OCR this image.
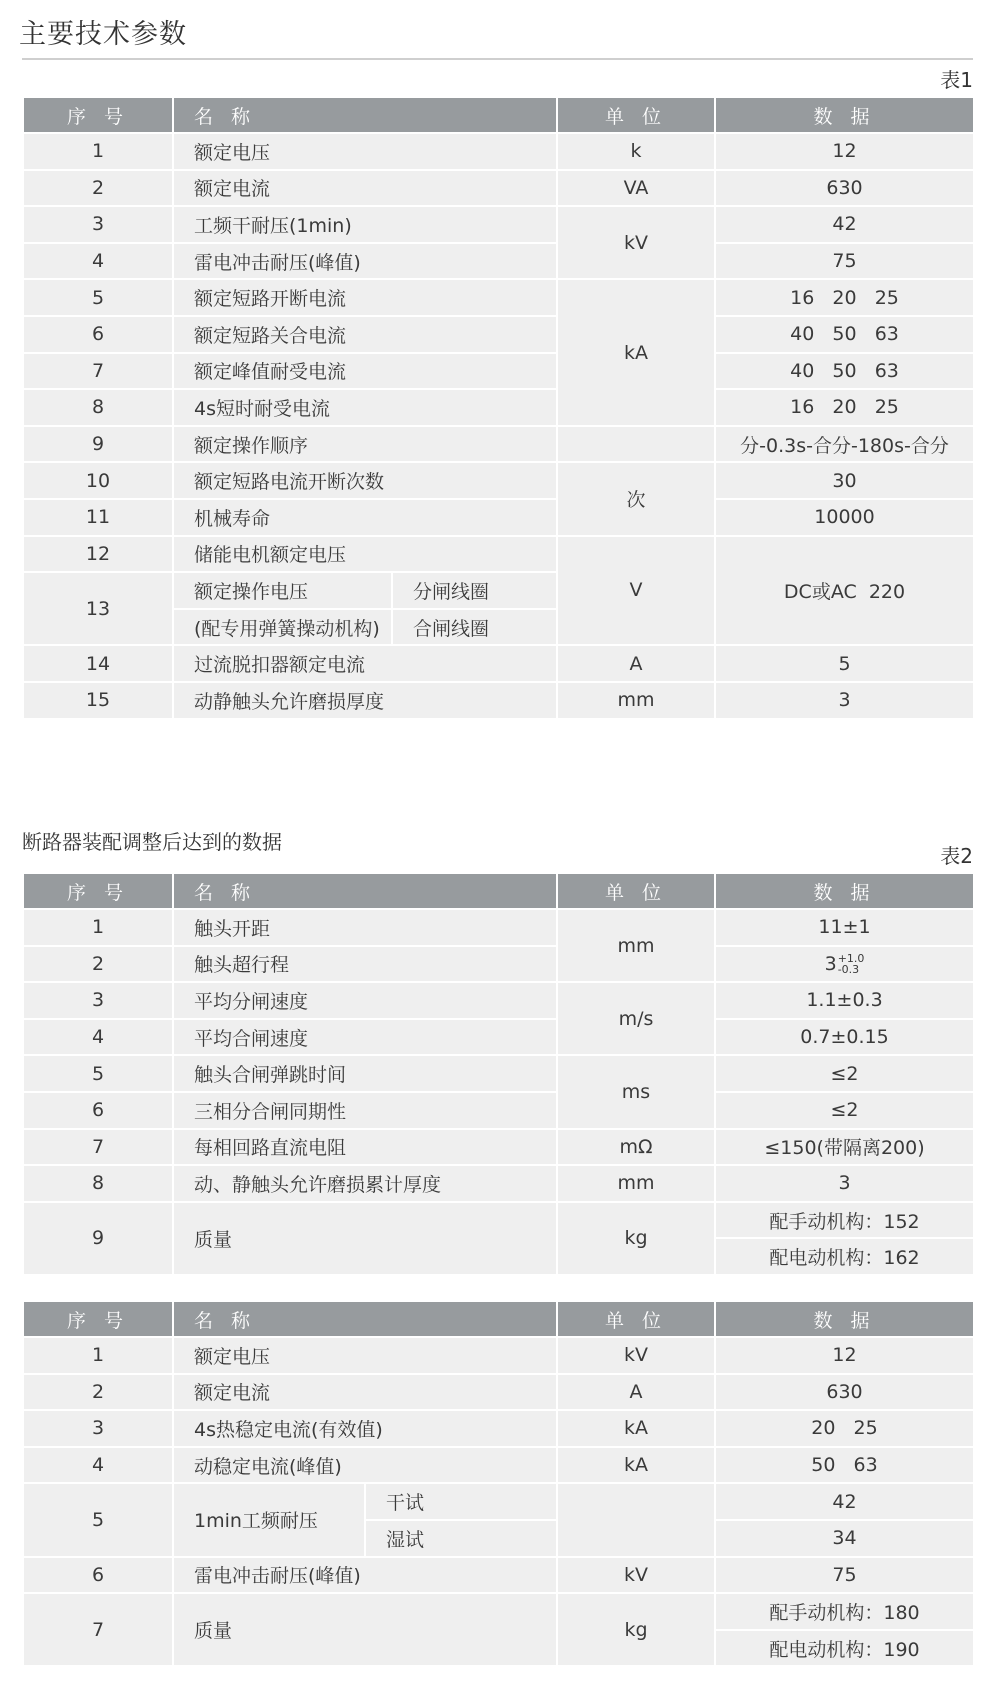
主要技术参数
表1
序 号	名 称		单 位	数 据
1	额定电压		k	12
2	额定电流		VA	630
3	工频干耐压(1min)		kV	42
4	雷电冲击耐压(峰值)			75
5	额定短路开断电流		kA	16   20   25
6	额定短路关合电流			40   50   63
7	额定峰值耐受电流			40   50   63
8	4s短时耐受电流			16   20   25
9	额定操作顺序			分-0.3s-合分-180s-合分
10	额定短路电流开断次数		次	30
11	机械寿命			10000
12	储能电机额定电压		V	DC或AC  220
13	额定操作电压	分闸线圈		
	(配专用弹簧操动机构)	合闸线圈		
14	过流脱扣器额定电流		A	5
15	动静触头允许磨损厚度		mm	3
断路器装配调整后达到的数据
表2
序 号	名 称	单 位	数 据
1	触头开距	mm	11±1
2	触头超行程		3 +1.0
-0.3

3	平均分闸速度	m/s	1.1±0.3
4	平均合闸速度		0.7±0.15
5	触头合闸弹跳时间	ms	≤2
6	三相分合闸同期性		≤2
7	每相回路直流电阻	mΩ	≤150(带隔离200)
8	动、静触头允许磨损累计厚度	mm	3
9	质量	kg	配手动机构：152
			配电动机构：162
序 号	名 称		单 位	数 据
1	额定电压		kV	12
2	额定电流		A	630
3	4s热稳定电流(有效值)		kA	20   25
4	动稳定电流(峰值)		kA	50   63
5	1min工频耐压	干试		42
		湿试		34
6	雷电冲击耐压(峰值)		kV	75
7	质量		kg	配手动机构：180
				配电动机构：190
